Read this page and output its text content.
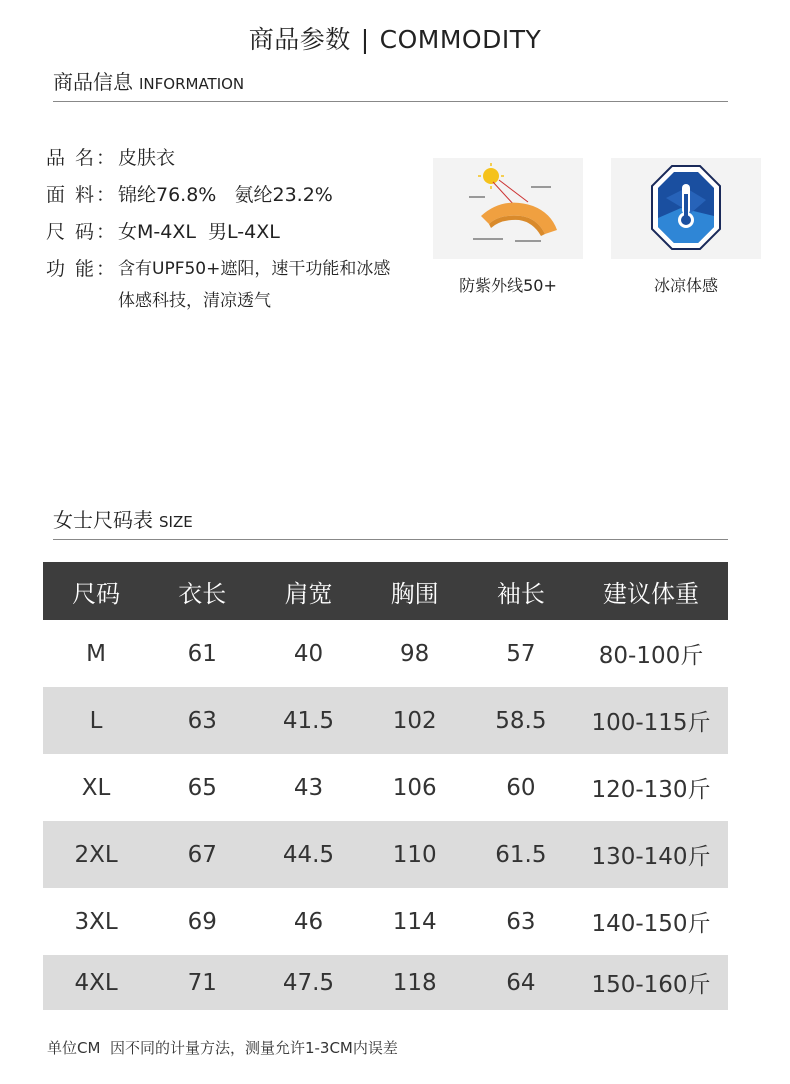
商品参数 | COMMODITY
商品信息 INFORMATION
品 名： 皮肤衣
面 料： 锦纶76.8%   氨纶23.2%
尺 码： 女M-4XL  男L-4XL
功 能： 含有UPF50+遮阳，速干功能和冰感体感科技，清凉透气
防紫外线50+	冰凉体感
女士尺码表 SIZE
尺码	衣长	肩宽	胸围	袖长	建议体重
M	61	40	98	57	80-100斤
L	63	41.5	102	58.5	100-115斤
XL	65	43	106	60	120-130斤
2XL	67	44.5	110	61.5	130-140斤
3XL	69	46	114	63	140-150斤
4XL	71	47.5	118	64	150-160斤
单位CM  因不同的计量方法，测量允许1-3CM内误差
